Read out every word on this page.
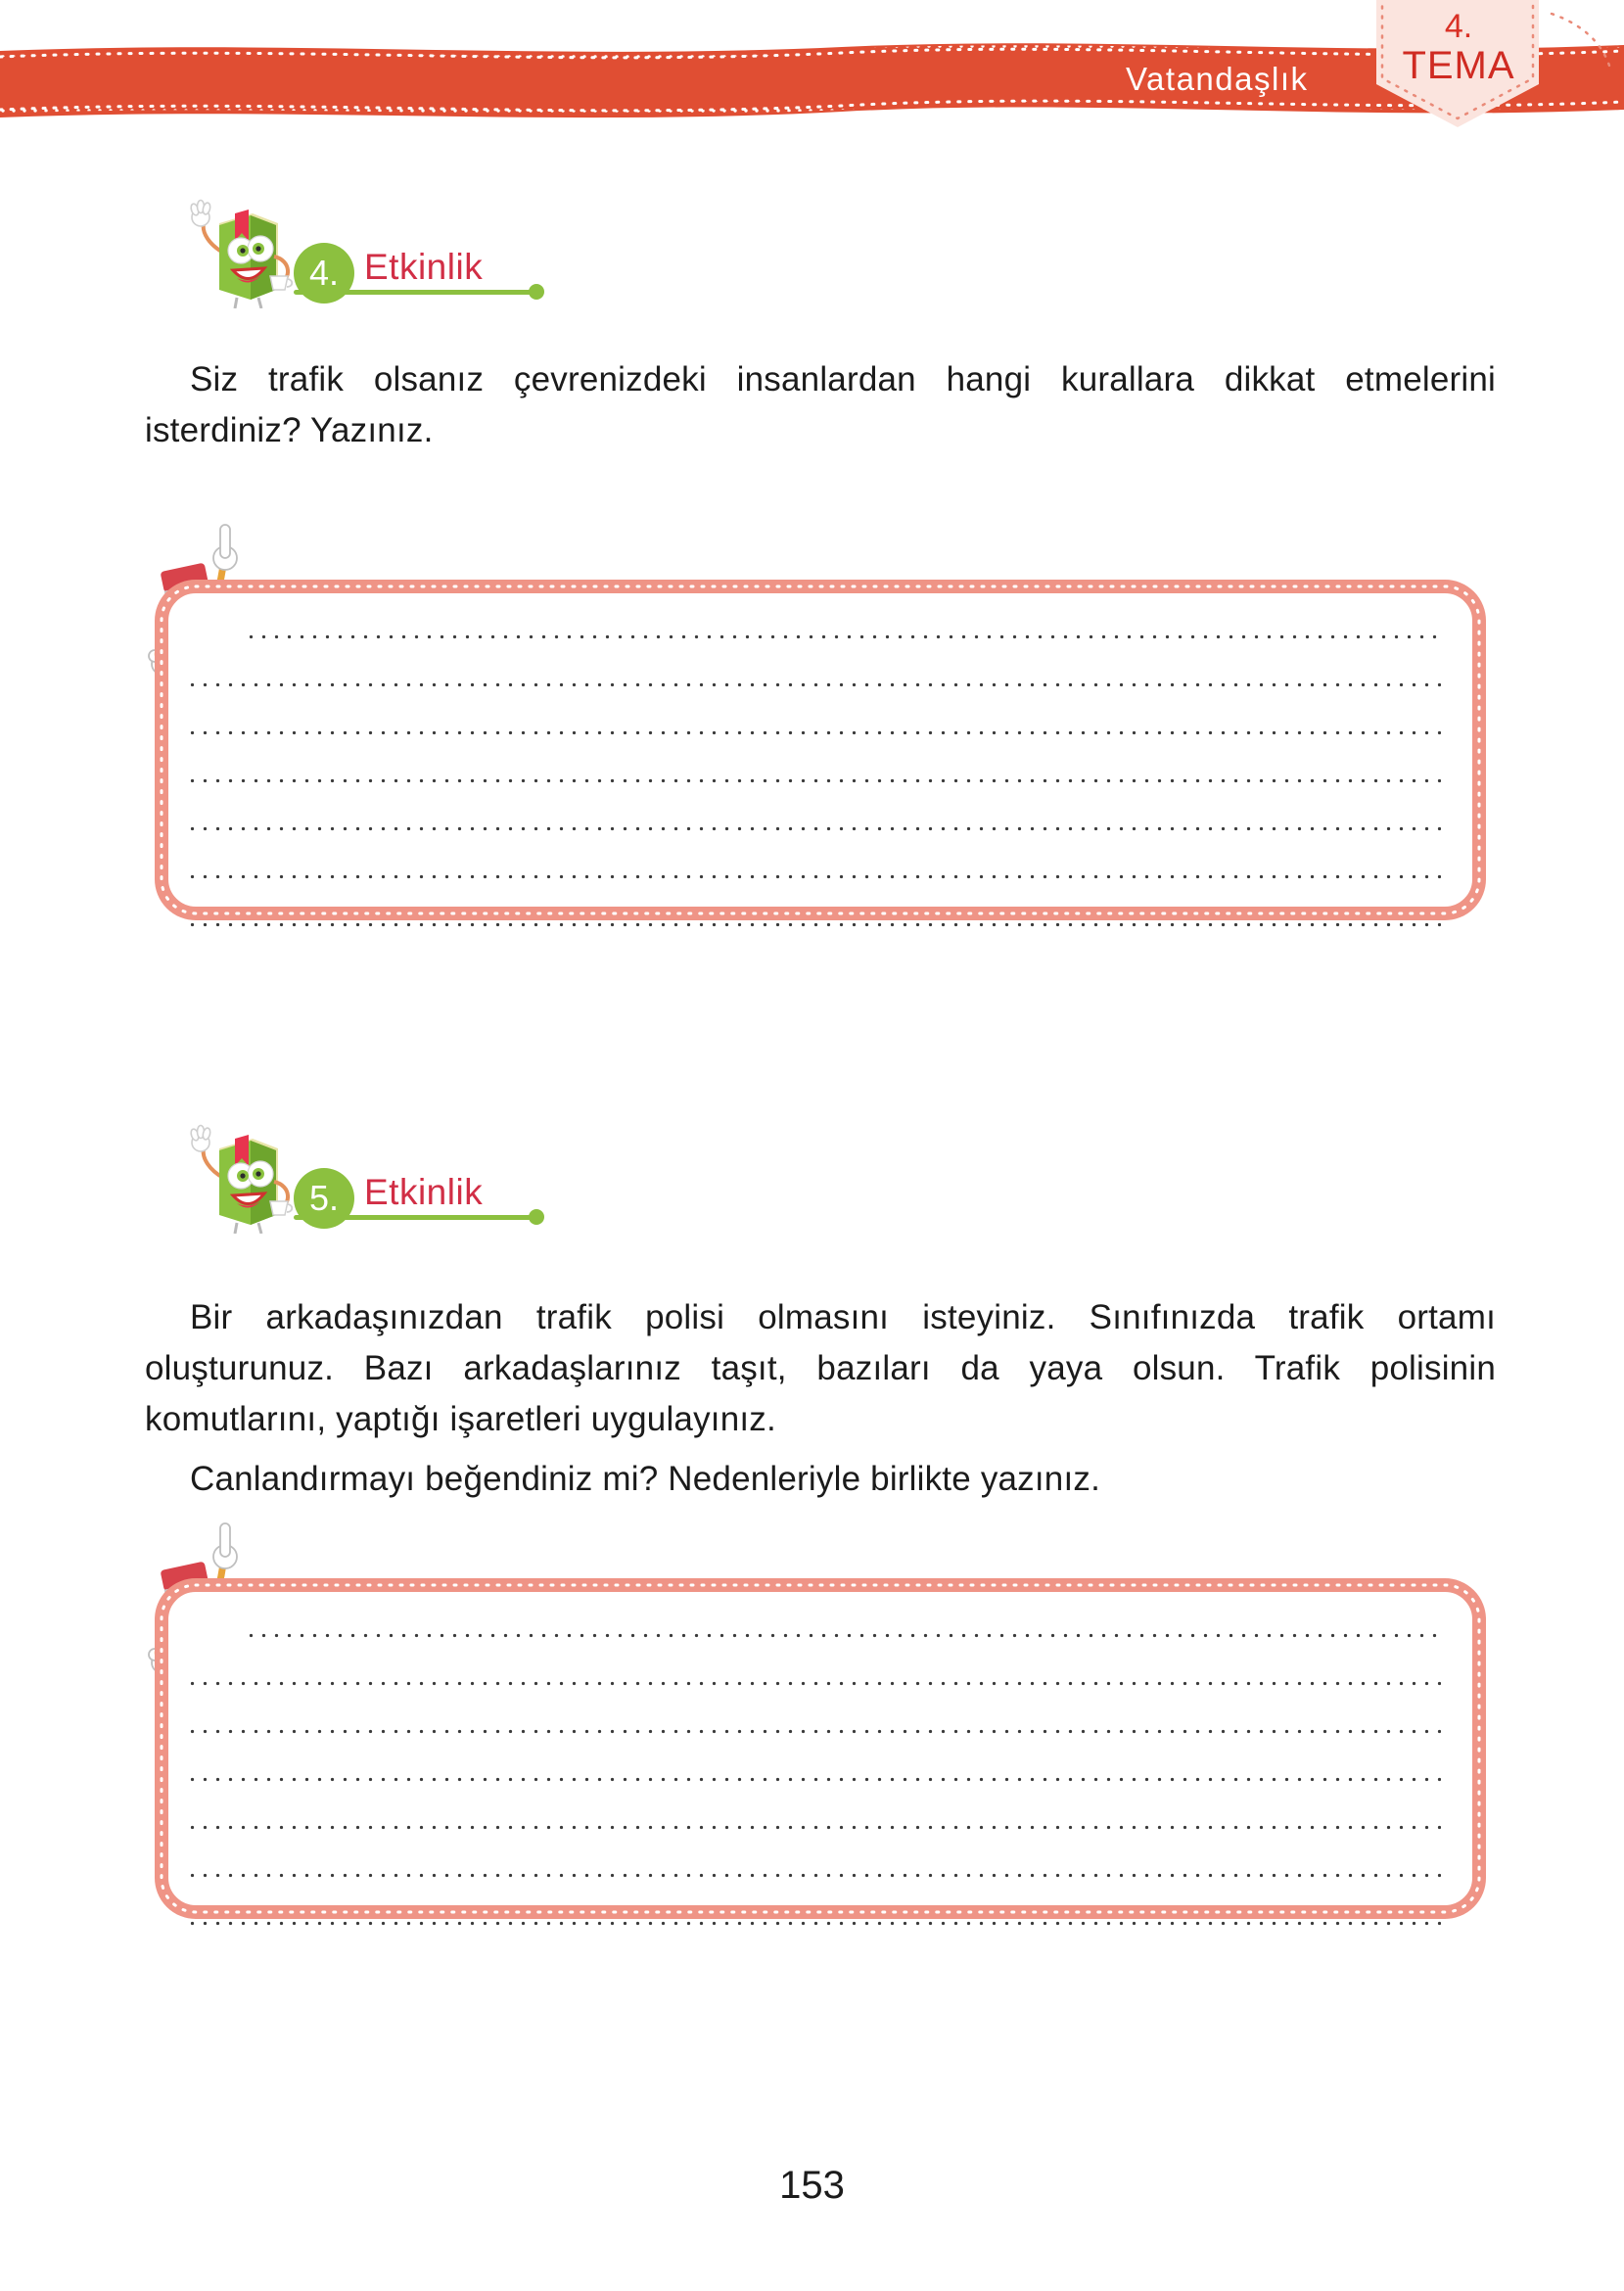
Vatandaşlık
4.
TEMA
4. Etkinlik
Siz trafik olsanız çevrenizdeki insanlardan hangi kurallara dikkat etmelerini isterdiniz? Yazınız.
5. Etkinlik
Bir arkadaşınızdan trafik polisi olmasını isteyiniz. Sınıfınızda trafik ortamı oluşturunuz. Bazı arkadaşlarınız taşıt, bazıları da yaya olsun. Trafik polisinin komutlarını, yaptığı işaretleri uygulayınız.
Canlandırmayı beğendiniz mi? Nedenleriyle birlikte yazınız.
153
